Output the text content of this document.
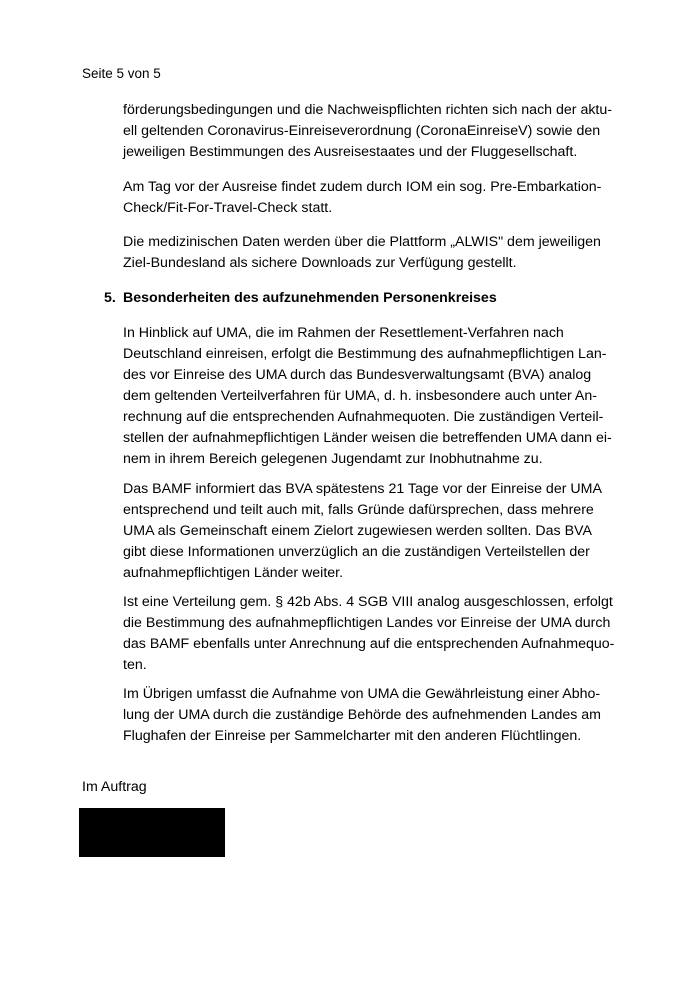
Seite 5 von 5
förderungsbedingungen und die Nachweispflichten richten sich nach der aktu-
ell geltenden Coronavirus-Einreiseverordnung (CoronaEinreiseV) sowie den
jeweiligen Bestimmungen des Ausreisestaates und der Fluggesellschaft.
Am Tag vor der Ausreise findet zudem durch IOM ein sog. Pre-Embarkation-
Check/Fit-For-Travel-Check statt.
Die medizinischen Daten werden über die Plattform „ALWIS" dem jeweiligen
Ziel-Bundesland als sichere Downloads zur Verfügung gestellt.
5. Besonderheiten des aufzunehmenden Personenkreises
In Hinblick auf UMA, die im Rahmen der Resettlement-Verfahren nach
Deutschland einreisen, erfolgt die Bestimmung des aufnahmepflichtigen Lan-
des vor Einreise des UMA durch das Bundesverwaltungsamt (BVA) analog
dem geltenden Verteilverfahren für UMA, d. h. insbesondere auch unter An-
rechnung auf die entsprechenden Aufnahmequoten. Die zuständigen Verteil-
stellen der aufnahmepflichtigen Länder weisen die betreffenden UMA dann ei-
nem in ihrem Bereich gelegenen Jugendamt zur Inobhutnahme zu.
Das BAMF informiert das BVA spätestens 21 Tage vor der Einreise der UMA
entsprechend und teilt auch mit, falls Gründe dafürsprechen, dass mehrere
UMA als Gemeinschaft einem Zielort zugewiesen werden sollten. Das BVA
gibt diese Informationen unverzüglich an die zuständigen Verteilstellen der
aufnahmepflichtigen Länder weiter.
Ist eine Verteilung gem. § 42b Abs. 4 SGB VIII analog ausgeschlossen, erfolgt
die Bestimmung des aufnahmepflichtigen Landes vor Einreise der UMA durch
das BAMF ebenfalls unter Anrechnung auf die entsprechenden Aufnahmequo-
ten.
Im Übrigen umfasst die Aufnahme von UMA die Gewährleistung einer Abho-
lung der UMA durch die zuständige Behörde des aufnehmenden Landes am
Flughafen der Einreise per Sammelcharter mit den anderen Flüchtlingen.
Im Auftrag
